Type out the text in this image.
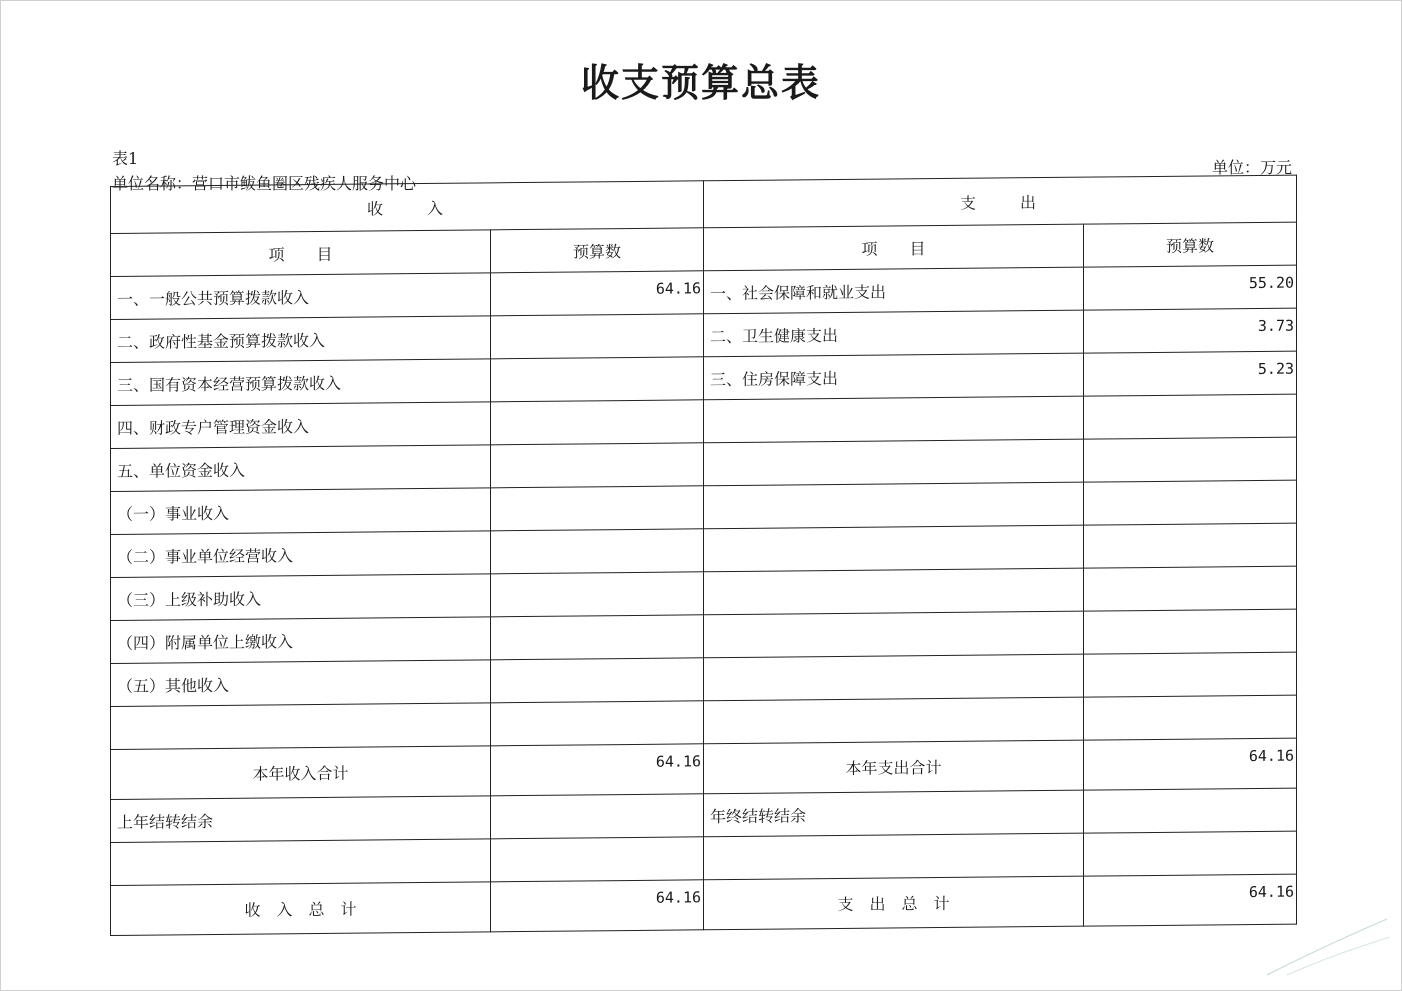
收支预算总表
表1
单位名称：营口市鲅鱼圈区残疾人服务中心
单位：万元
收　　入		支　　出	
项　　目	预算数	项　　目	预算数
一、一般公共预算拨款收入	64.16	一、社会保障和就业支出	55.20
二、政府性基金预算拨款收入		二、卫生健康支出	3.73
三、国有资本经营预算拨款收入		三、住房保障支出	5.23
四、财政专户管理资金收入			
五、单位资金收入			
（一）事业收入			
（二）事业单位经营收入			
（三）上级补助收入			
（四）附属单位上缴收入			
（五）其他收入			

本年收入合计	64.16	本年支出合计	64.16
上年结转结余		年终结转结余	

收　入　总　计	64.16	支　出　总　计	64.16
